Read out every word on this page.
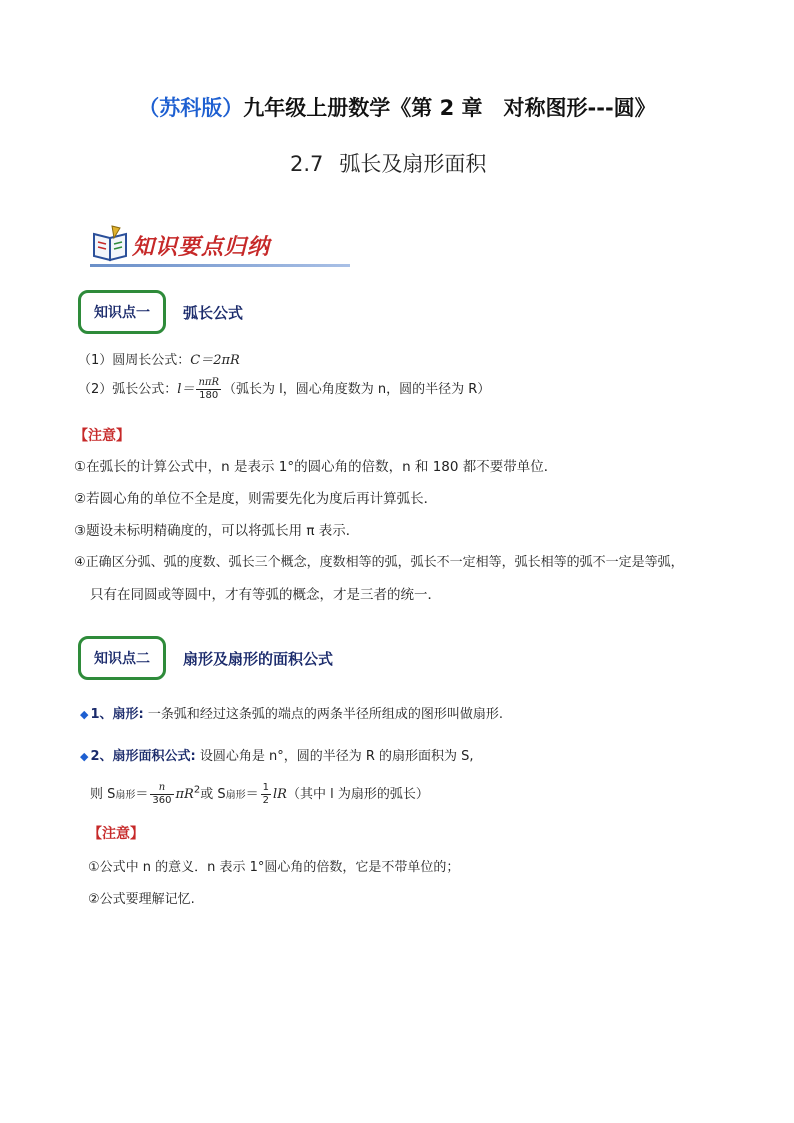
（苏科版）九年级上册数学《第 2 章　对称图形---圆》
2.7 弧长及扇形面积
知识要点归纳
知识点一 弧长公式
（1）圆周长公式：C＝2πR
（2）弧长公式：$l= \frac{\text{nπR}}{180}$ （弧长为 l，圆心角度数为 n，圆的半径为 R）
【注意】
①在弧长的计算公式中，n 是表示 1°的圆心角的倍数，n 和 180 都不要带单位．
②若圆心角的单位不全是度，则需要先化为度后再计算弧长．
③题设未标明精确度的，可以将弧长用 π 表示．
④正确区分弧、弧的度数、弧长三个概念，度数相等的弧，弧长不一定相等，弧长相等的弧不一定是等弧，
只有在同圆或等圆中，才有等弧的概念，才是三者的统一．
知识点二 扇形及扇形的面积公式
◆ 1、扇形: 一条弧和经过这条弧的端点的两条半径所组成的图形叫做扇形.
◆ 2、扇形面积公式: 设圆心角是 n°，圆的半径为 R 的扇形面积为 S,
则 S扇形＝ $\frac{n}{360} \pi R^2$或 S扇形＝ $\frac{1}{2} lR$（其中 l 为扇形的弧长）
【注意】
①公式中 n 的意义．n 表示 1°圆心角的倍数，它是不带单位的；
②公式要理解记忆.
